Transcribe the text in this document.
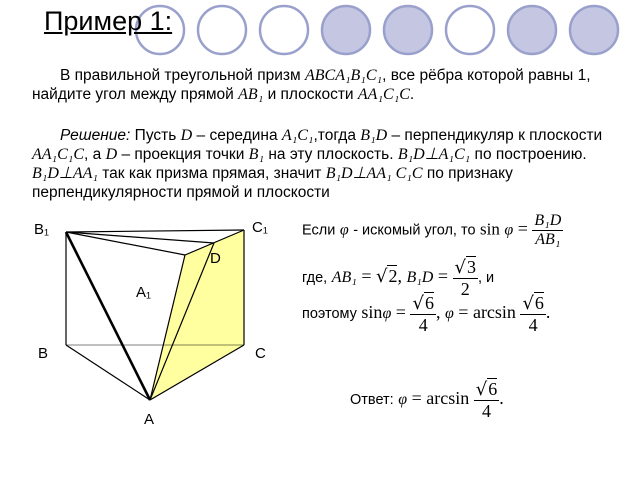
Пример 1:
В правильной треугольной призм ABCA₁B₁C₁, все рёбра которой равны 1, найдите угол между прямой AB₁ и плоскости AA₁C₁C.
Решение: Пусть D – середина A₁C₁,тогда B₁D – перпендикуляр к плоскости AA₁C₁C, а D – проекция точки B₁ на эту плоскость. B₁D⊥A₁C₁ по построению. B₁D⊥AA₁ так как призма прямая, значит B₁D⊥AA₁ C₁C по признаку перпендикулярности прямой и плоскости
B₁	C₁
D
A₁
B	C
A
Если φ - искомый угол, то $\sin \varphi = \frac{\text{B₁D}}{\text{AB₁}}$
где, AB₁ = √2, $B_1D = \frac{√3}{2}$ , и
поэтому $\sin\varphi = \frac{√6}{4}$ , $\varphi = \arcsin \frac{√6}{4}$ .
Ответ: $\varphi = \arcsin \frac{√6}{4}$ .
